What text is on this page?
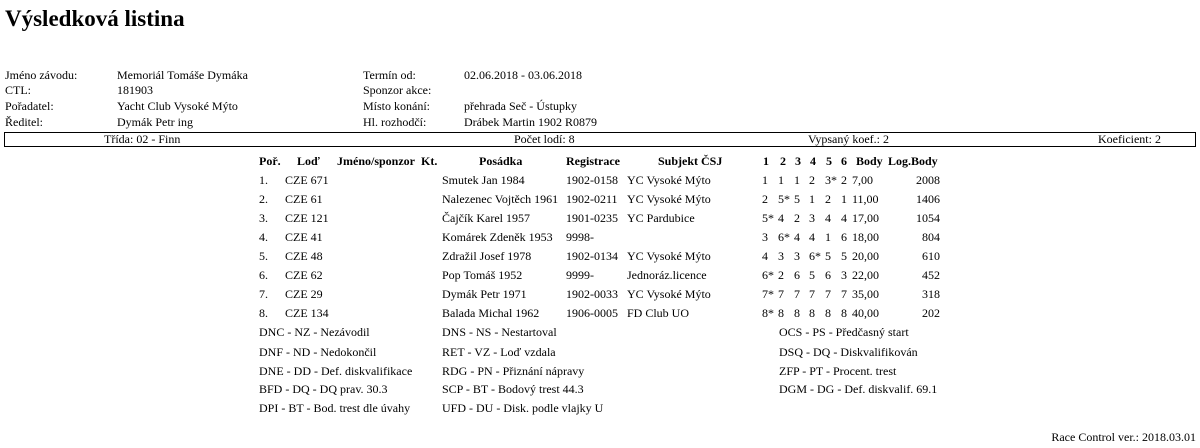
Výsledková listina
Jméno závodu:	Memoriál Tomáše Dymáka
CTL:	181903
Pořadatel:	Yacht Club Vysoké Mýto
Ředitel:	Dymák Petr ing
Termín od:	02.06.2018 - 03.06.2018
Sponzor akce:
Místo konání:	přehrada Seč - Ústupky
Hl. rozhodčí:	Drábek Martin 1902 R0879
Třída: 02 - Finn	Počet lodí: 8	Vypsaný koef.: 2	Koeficient: 2
Poř. Loď Jméno/sponzor Kt.	Posádka	Registrace	Subjekt ČSJ	1 2 3 4 5 6 Body Log.Body
1. CZE 671	Smutek Jan 1984	1902-0158 YC Vysoké Mýto	1 1 1 2 3* 2 7,00	2008
2. CZE 61	Nalezenec Vojtěch 1961 1902-0211 YC Vysoké Mýto	2 5* 5 1 2 1 11,00	1406
3. CZE 121	Čajčík Karel 1957	1901-0235 YC Pardubice	5* 4 2 3 4 4 17,00	1054
4. CZE 41	Komárek Zdeněk 1953 9998-	3 6* 4 4 1 6 18,00	804
5. CZE 48	Zdražil Josef 1978	1902-0134 YC Vysoké Mýto	4 3 3 6* 5 5 20,00	610
6. CZE 62	Pop Tomáš 1952	9999-	Jednoráz.licence	6* 2 6 5 6 3 22,00	452
7. CZE 29	Dymák Petr 1971	1902-0033 YC Vysoké Mýto	7* 7 7 7 7 7 35,00	318
8. CZE 134	Balada Michal 1962 1906-0005 FD Club UO	8* 8 8 8 8 8 40,00	202
DNC - NZ - Nezávodil
DNF - ND - Nedokončil
DNE - DD - Def. diskvalifikace
BFD - DQ - DQ prav. 30.3
DPI - BT - Bod. trest dle úvahy
DNS - NS - Nestartoval
RET - VZ - Loď vzdala
RDG - PN - Přiznání nápravy
SCP - BT - Bodový trest 44.3
UFD - DU - Disk. podle vlajky U
OCS - PS - Předčasný start
DSQ - DQ - Diskvalifikován
ZFP - PT - Procent. trest
DGM - DG - Def. diskvalif. 69.1
Race Control ver.: 2018.03.01
